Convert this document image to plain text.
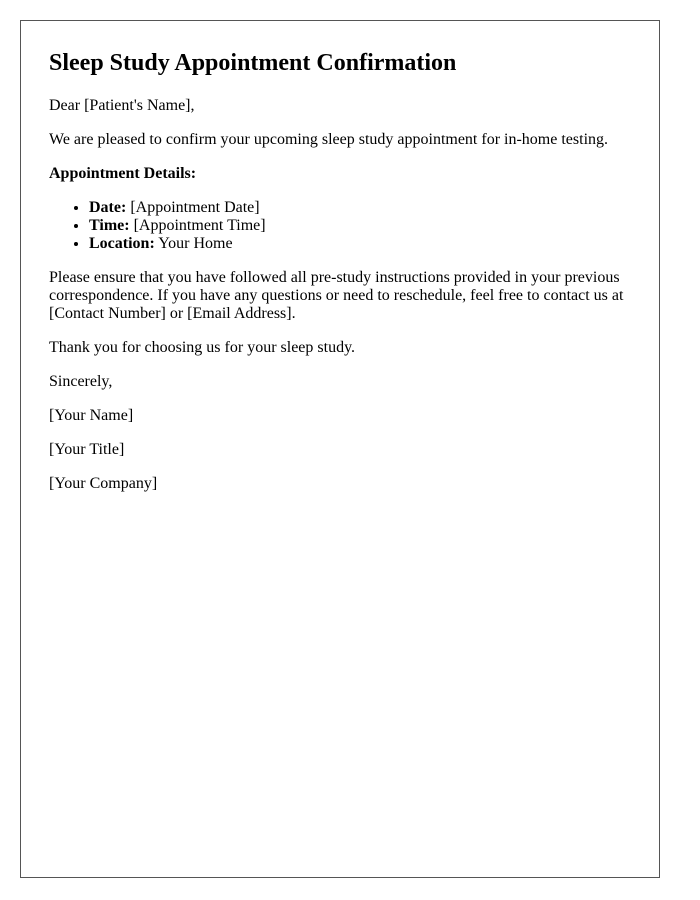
Sleep Study Appointment Confirmation

Dear [Patient's Name],

We are pleased to confirm your upcoming sleep study appointment for in-home testing.

Appointment Details:

• Date: [Appointment Date]
• Time: [Appointment Time]
• Location: Your Home

Please ensure that you have followed all pre-study instructions provided in your previous correspondence. If you have any questions or need to reschedule, feel free to contact us at [Contact Number] or [Email Address].

Thank you for choosing us for your sleep study.

Sincerely,

[Your Name]

[Your Title]

[Your Company]
